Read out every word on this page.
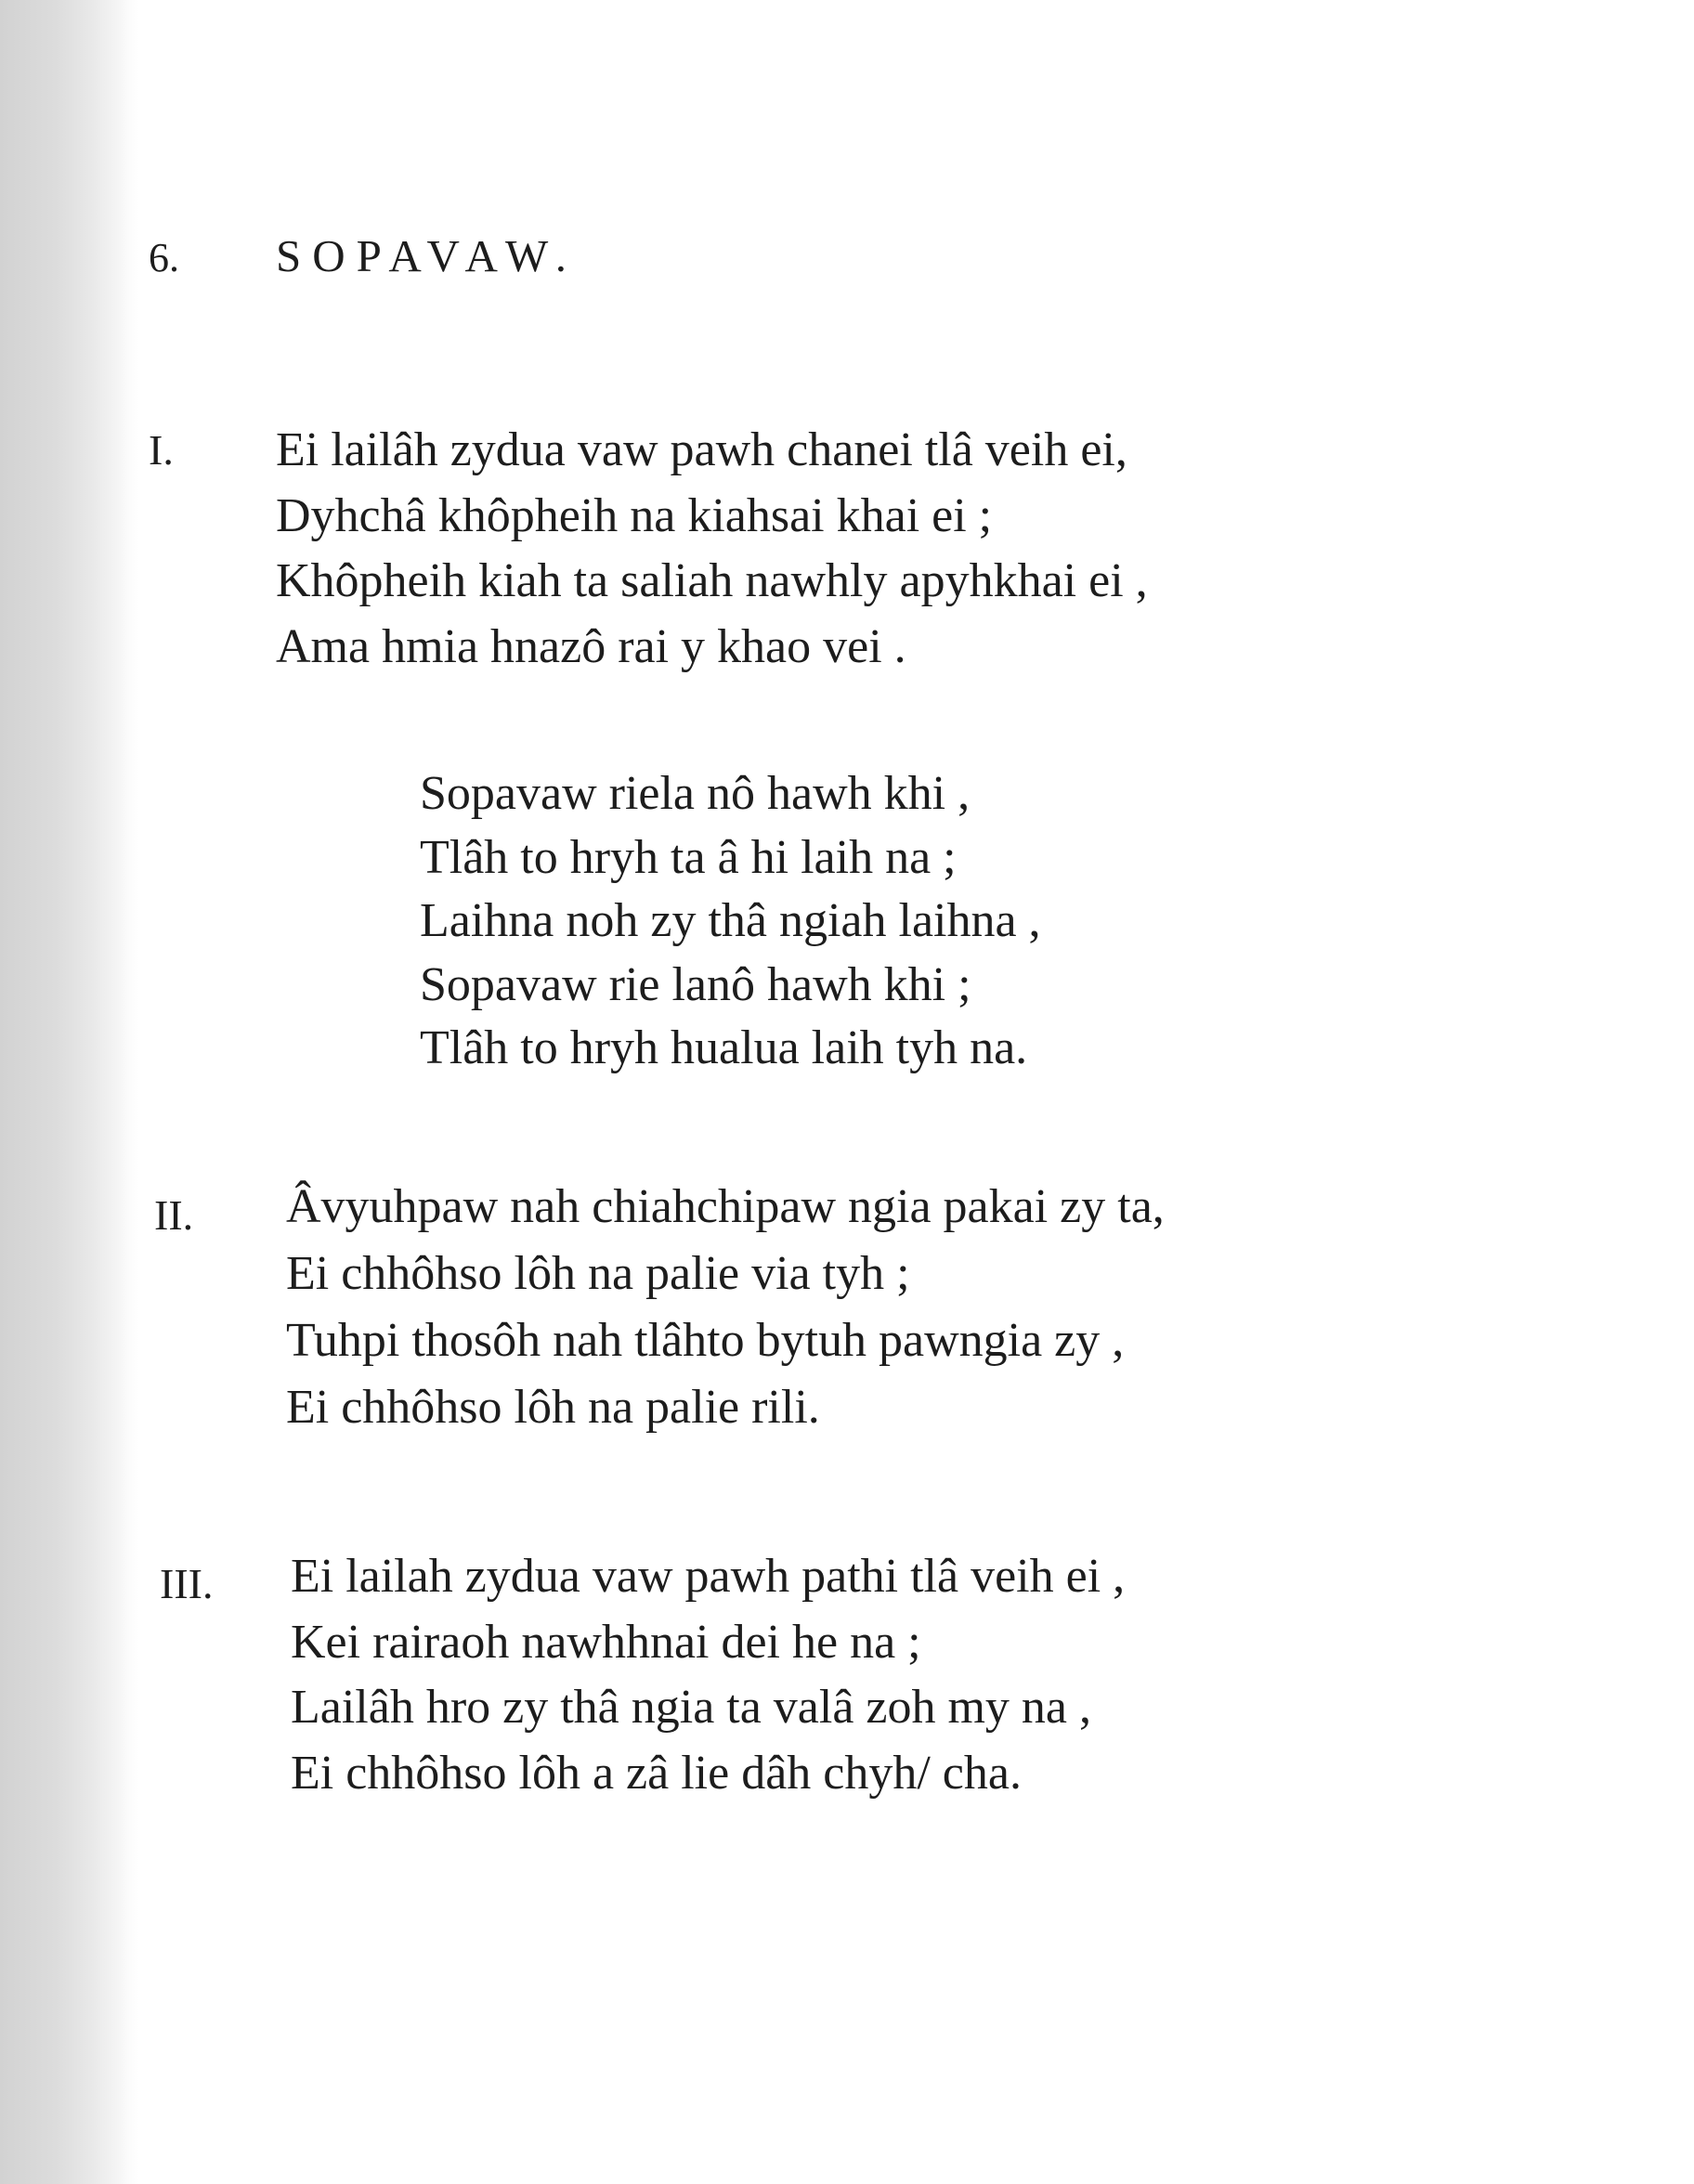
6. SOPAVAW.
I. Ei lailâh zydua vaw pawh chanei tlâ veih ei,
Dyhchâ khôpheih na kiahsai khai ei ;
Khôpheih kiah ta saliah nawhly apyhkhai ei ,
Ama hmia hnazô rai y khao vei .
Sopavaw riela nô hawh khi ,
Tlâh to hryh ta â hi laih na ;
Laihna noh zy thâ ngiah laihna ,
Sopavaw rie lanô hawh khi ;
Tlâh to hryh hualua laih tyh na.
II. Âvyuhpaw nah chiahchipaw ngia pakai zy ta,
Ei chhôhso lôh na palie via tyh ;
Tuhpi thosôh nah tlâhto bytuh pawngia zy ,
Ei chhôhso lôh na palie rili.
III. Ei lailah zydua vaw pawh pathi tlâ veih ei ,
Kei rairaoh nawhhnai dei he na ;
Lailâh hro zy thâ ngia ta valâ zoh my na ,
Ei chhôhso lôh a zâ lie dâh chyh/ cha.
